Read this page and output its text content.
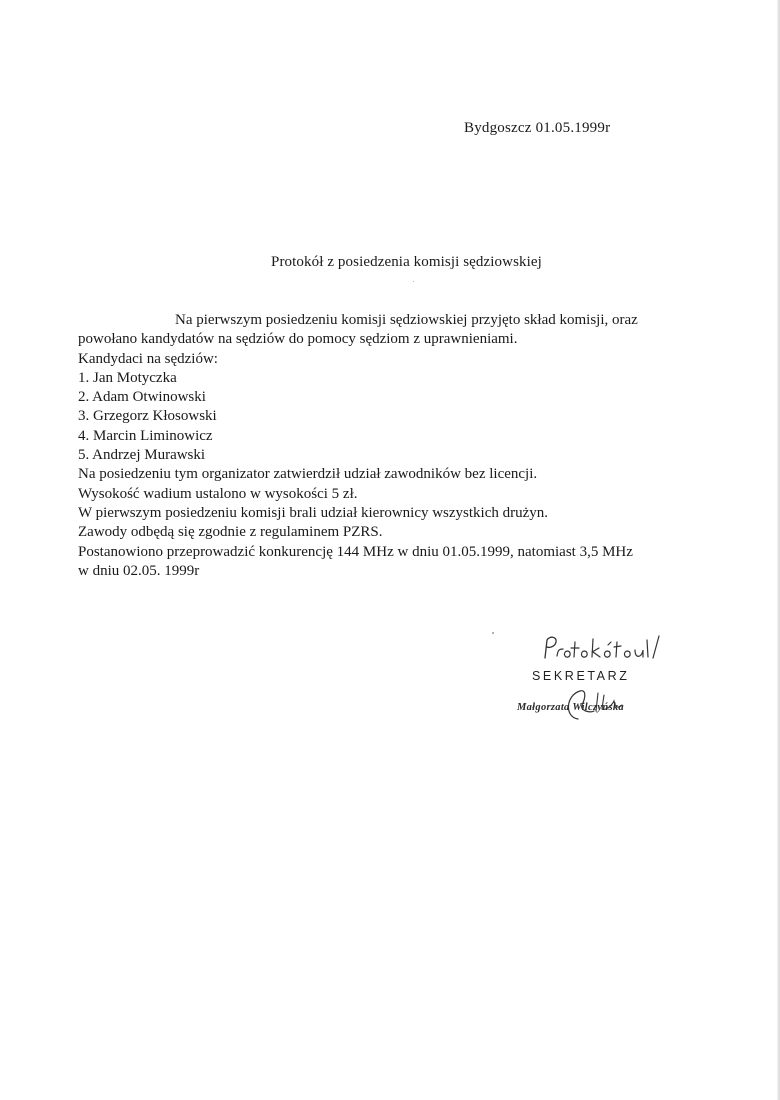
Bydgoszcz 01.05.1999r
Protokół z posiedzenia komisji sędziowskiej
Na pierwszym posiedzeniu komisji sędziowskiej przyjęto skład komisji, oraz
powołano kandydatów na sędziów do pomocy sędziom z uprawnieniami.
Kandydaci na sędziów:
1. Jan Motyczka
2. Adam Otwinowski
3. Grzegorz Kłosowski
4. Marcin Liminowicz
5. Andrzej Murawski
Na posiedzeniu tym organizator zatwierdził udział zawodników bez licencji.
Wysokość wadium ustalono w wysokości 5 zł.
W pierwszym posiedzeniu komisji brali udział kierownicy wszystkich drużyn.
Zawody odbędą się zgodnie z regulaminem PZRS.
Postanowiono przeprowadzić konkurencję 144 MHz w dniu 01.05.1999, natomiast 3,5 MHz
w dniu 02.05. 1999r
SEKRETARZ
Małgorzata Wilczyńska
